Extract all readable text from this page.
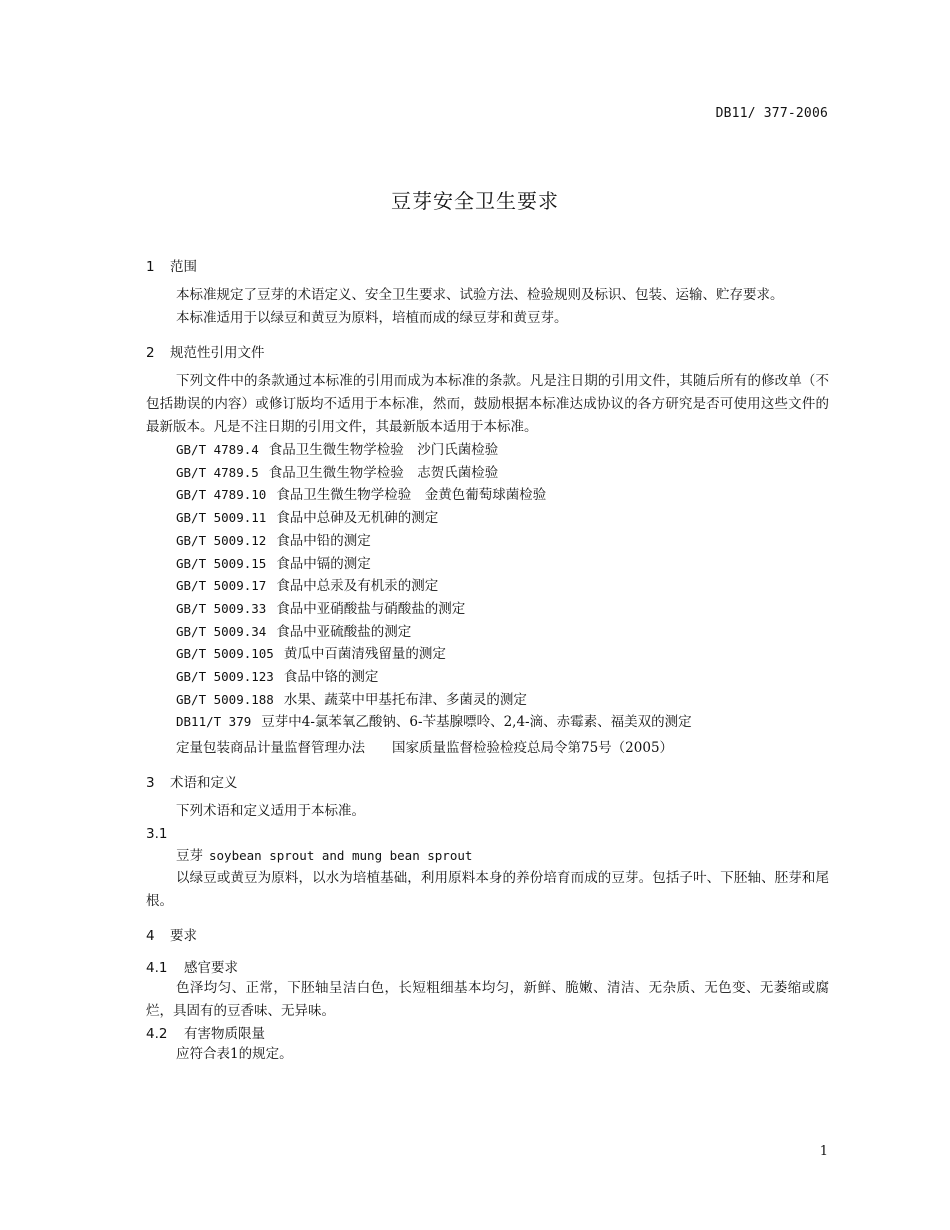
DB11/ 377-2006
豆芽安全卫生要求
1 范围
本标准规定了豆芽的术语定义、安全卫生要求、试验方法、检验规则及标识、包装、运输、贮存要求。
本标准适用于以绿豆和黄豆为原料，培植而成的绿豆芽和黄豆芽。
2 规范性引用文件
下列文件中的条款通过本标准的引用而成为本标准的条款。凡是注日期的引用文件，其随后所有的修改单（不包括勘误的内容）或修订版均不适用于本标准，然而，鼓励根据本标准达成协议的各方研究是否可使用这些文件的最新版本。凡是不注日期的引用文件，其最新版本适用于本标准。
GB/T 4789.4 食品卫生微生物学检验　沙门氏菌检验
GB/T 4789.5 食品卫生微生物学检验　志贺氏菌检验
GB/T 4789.10 食品卫生微生物学检验　金黄色葡萄球菌检验
GB/T 5009.11 食品中总砷及无机砷的测定
GB/T 5009.12 食品中铅的测定
GB/T 5009.15 食品中镉的测定
GB/T 5009.17 食品中总汞及有机汞的测定
GB/T 5009.33 食品中亚硝酸盐与硝酸盐的测定
GB/T 5009.34 食品中亚硫酸盐的测定
GB/T 5009.105 黄瓜中百菌清残留量的测定
GB/T 5009.123 食品中铬的测定
GB/T 5009.188 水果、蔬菜中甲基托布津、多菌灵的测定
DB11/T 379 豆芽中4-氯苯氧乙酸钠、6-苄基腺嘌呤、2,4-滴、赤霉素、福美双的测定
定量包装商品计量监督管理办法　　国家质量监督检验检疫总局令第75号（2005）
3 术语和定义
下列术语和定义适用于本标准。
3.1
豆芽 soybean sprout and mung bean sprout
以绿豆或黄豆为原料，以水为培植基础，利用原料本身的养份培育而成的豆芽。包括子叶、下胚轴、胚芽和尾根。
4 要求
4.1 感官要求
色泽均匀、正常，下胚轴呈洁白色，长短粗细基本均匀，新鲜、脆嫩、清洁、无杂质、无色变、无萎缩或腐烂，具固有的豆香味、无异味。
4.2 有害物质限量
应符合表1的规定。
1
